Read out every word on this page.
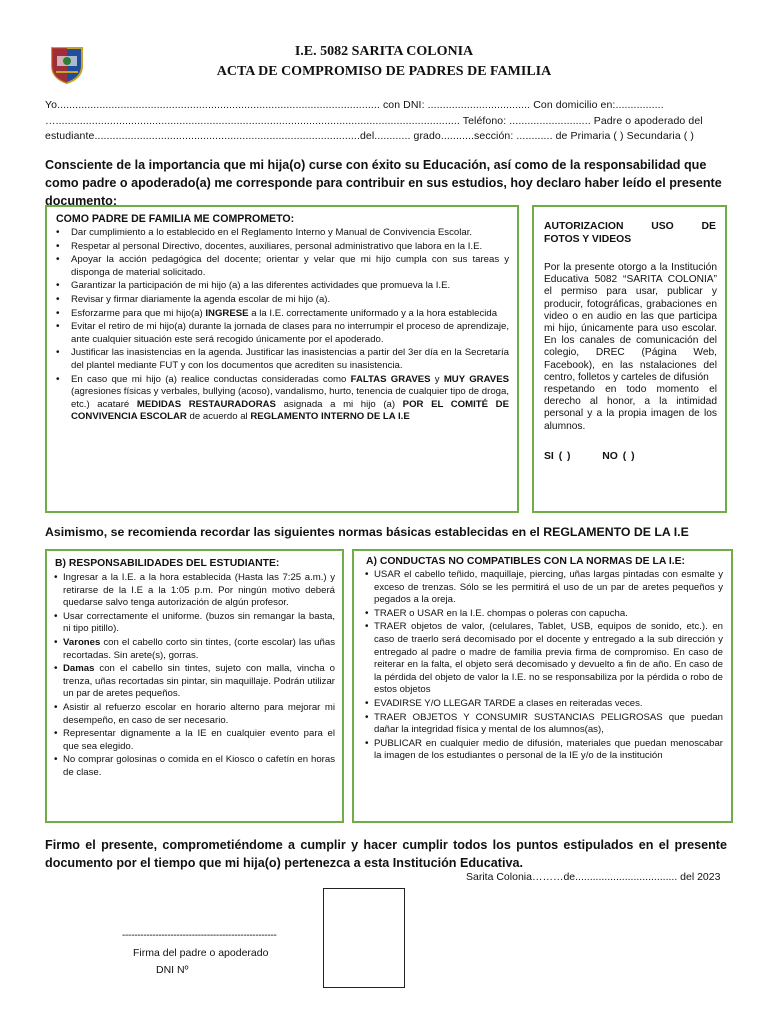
I.E. 5082 SARITA COLONIA
ACTA DE COMPROMISO DE PADRES DE FAMILIA
Yo........................................................................................................... con DNI: .................................. Con domicilio en:................
…...................................................................................................................................... Teléfono: ........................... Padre o apoderado del
estudiante........................................................................................del............ grado...........sección: ............ de Primaria ( ) Secundaria ( )
Consciente de la importancia que mi hija(o) curse con éxito su Educación, así como de la responsabilidad que como padre o apoderado(a) me corresponde para contribuir en sus estudios, hoy declaro haber leído el presente documento:
COMO PADRE DE FAMILIA ME COMPROMETO:
• Dar cumplimiento a lo establecido en el Reglamento Interno y Manual de Convivencia Escolar.
• Respetar al personal Directivo, docentes, auxiliares, personal administrativo que labora en la I.E.
• Apoyar la acción pedagógica del docente; orientar y velar que mi hijo cumpla con sus tareas y disponga de material solicitado.
• Garantizar la participación de mi hijo (a) a las diferentes actividades que promueva la I.E.
• Revisar y firmar diariamente la agenda escolar de mi hijo (a).
• Esforzarme para que mi hijo(a) INGRESE a la I.E. correctamente uniformado y a la hora establecida
• Evitar el retiro de mi hijo(a) durante la jornada de clases para no interrumpir el proceso de aprendizaje, ante cualquier situación este será recogido únicamente por el apoderado.
• Justificar las inasistencias en la agenda. Justificar las inasistencias a partir del 3er día en la Secretaría del plantel mediante FUT y con los documentos que acrediten su inasistencia.
• En caso que mi hijo (a) realice conductas consideradas como FALTAS GRAVES y MUY GRAVES (agresiones físicas y verbales, bullying (acoso), vandalismo, hurto, tenencia de cualquier tipo de droga, etc.) acataré MEDIDAS RESTAURADORAS asignada a mi hijo (a) POR EL COMITÉ DE CONVIVENCIA ESCOLAR de acuerdo al REGLAMENTO INTERNO DE LA I.E
AUTORIZACION USO DE
FOTOS Y VIDEOS
Por la presente otorgo a la Institución Educativa 5082 “SARITA COLONIA” el permiso para usar, publicar y producir, fotográficas, grabaciones en video o en audio en las que participa mi hijo, únicamente para uso escolar. En los canales de comunicación del colegio, DREC (Página Web, Facebook), en las nstalaciones del centro, folletos y carteles de difusión
respetando en todo momento el derecho al honor, a la intimidad personal y a la propia imagen de los alumnos.
SI ( )	NO ( )
Asimismo, se recomienda recordar las siguientes normas básicas establecidas en el REGLAMENTO DE LA I.E
B) RESPONSABILIDADES DEL ESTUDIANTE:
• Ingresar a la I.E. a la hora establecida (Hasta las 7:25 a.m.) y retirarse de la I.E a la 1:05 p.m. Por ningún motivo deberá quedarse salvo tenga autorización de algún profesor.
• Usar correctamente el uniforme. (buzos sin remangar la basta, ni tipo pitillo).
• Varones con el cabello corto sin tintes, (corte escolar) las uñas recortadas. Sin arete(s), gorras.
• Damas con el cabello sin tintes, sujeto con malla, vincha o trenza, uñas recortadas sin pintar, sin maquillaje. Podrán utilizar un par de aretes pequeños.
• Asistir al refuerzo escolar en horario alterno para mejorar mi desempeño, en caso de ser necesario.
• Representar dignamente a la IE en cualquier evento para el que sea elegido.
• No comprar golosinas o comida en el Kiosco o cafetín en horas de clase.
A) CONDUCTAS NO COMPATIBLES CON LA NORMAS DE LA I.E:
• USAR el cabello teñido, maquillaje, piercing, uñas largas pintadas con esmalte y exceso de trenzas. Sólo se les permitirá el uso de un par de aretes pequeños y pegados a la oreja.
• TRAER o USAR en la I.E. chompas o poleras con capucha.
• TRAER objetos de valor, (celulares, Tablet, USB, equipos de sonido, etc.). en caso de traerlo será decomisado por el docente y entregado a la sub dirección y entregado al padre o madre de familia previa firma de compromiso. En caso de reiterar en la falta, el objeto será decomisado y devuelto a fin de año. En caso de la pérdida del objeto de valor la I.E. no se responsabiliza por la pérdida o robo de estos objetos
• EVADIRSE Y/O LLEGAR TARDE a clases en reiteradas veces.
• TRAER OBJETOS Y CONSUMIR SUSTANCIAS PELIGROSAS que puedan dañar la integridad física y mental de los alumnos(as),
• PUBLICAR en cualquier medio de difusión, materiales que puedan menoscabar la imagen de los estudiantes o personal de la IE y/o de la institución
Firmo el presente, comprometiéndome a cumplir y hacer cumplir todos los puntos estipulados en el presente documento por el tiempo que mi hija(o) pertenezca a esta Institución Educativa.
Sarita Colonia………de................................... del 2023
---------------------------------------------------
Firma del padre o apoderado
DNI Nº
